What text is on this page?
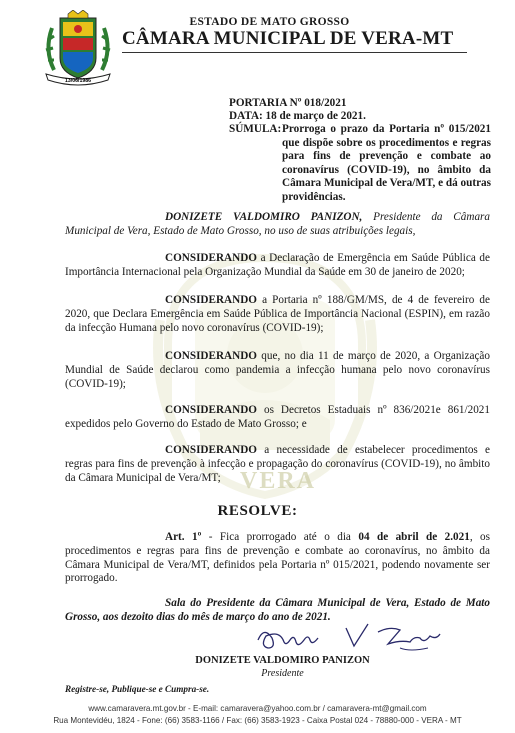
VERA
13/06/1986
ESTADO DE MATO GROSSO
CÂMARA MUNICIPAL DE VERA-MT
PORTARIA Nº 018/2021
DATA: 18 de março de 2021.
SÚMULA: Prorroga o prazo da Portaria nº 015/2021 que dispõe sobre os procedimentos e regras para fins de prevenção e combate ao coronavírus (COVID-19), no âmbito da Câmara Municipal de Vera/MT, e dá outras providências.
DONIZETE VALDOMIRO PANIZON, Presidente da Câmara Municipal de Vera, Estado de Mato Grosso, no uso de suas atribuições legais,
CONSIDERANDO a Declaração de Emergência em Saúde Pública de Importância Internacional pela Organização Mundial da Saúde em 30 de janeiro de 2020;
CONSIDERANDO a Portaria nº 188/GM/MS, de 4 de fevereiro de 2020, que Declara Emergência em Saúde Pública de Importância Nacional (ESPIN), em razão da infecção Humana pelo novo coronavírus (COVID-19);
CONSIDERANDO que, no dia 11 de março de 2020, a Organização Mundial de Saúde declarou como pandemia a infecção humana pelo novo coronavírus (COVID-19);
CONSIDERANDO os Decretos Estaduais nº 836/2021e 861/2021 expedidos pelo Governo do Estado de Mato Grosso; e
CONSIDERANDO a necessidade de estabelecer procedimentos e regras para fins de prevenção à infecção e propagação do coronavírus (COVID-19), no âmbito da Câmara Municipal de Vera/MT;
RESOLVE:
Art. 1º - Fica prorrogado até o dia 04 de abril de 2.021, os procedimentos e regras para fins de prevenção e combate ao coronavírus, no âmbito da Câmara Municipal de Vera/MT, definidos pela Portaria nº 015/2021, podendo novamente ser prorrogado.
Sala do Presidente da Câmara Municipal de Vera, Estado de Mato Grosso, aos dezoito dias do mês de março do ano de 2021.
DONIZETE VALDOMIRO PANIZON
Presidente
Registre-se, Publique-se e Cumpra-se.
www.camaravera.mt.gov.br - E-mail: camaravera@yahoo.com.br / camaravera-mt@gmail.com
Rua Montevidéu, 1824 - Fone: (66) 3583-1166 / Fax: (66) 3583-1923 - Caixa Postal 024 - 78880-000 - VERA - MT
